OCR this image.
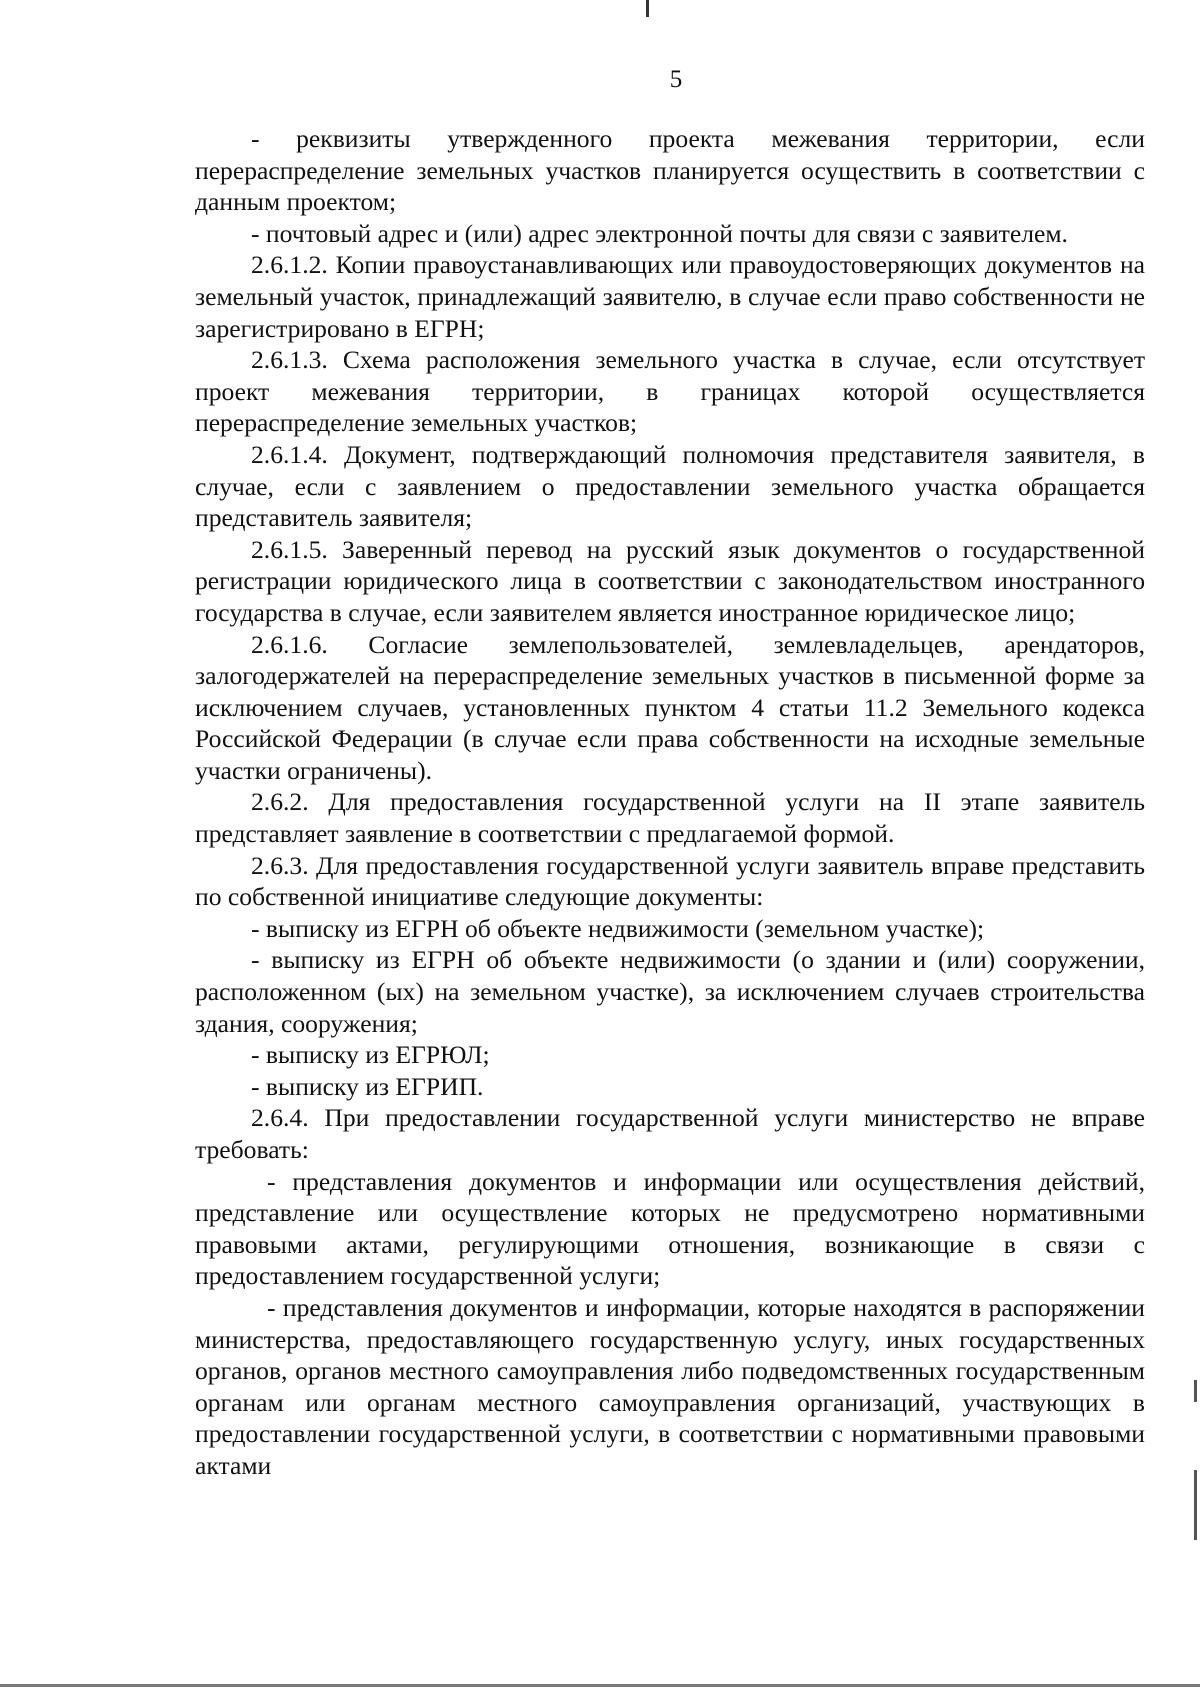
5

- реквизиты утвержденного проекта межевания территории, если перераспределение земельных участков планируется осуществить в соответствии с данным проектом;

- почтовый адрес и (или) адрес электронной почты для связи с заявителем.

2.6.1.2. Копии правоустанавливающих или правоудостоверяющих документов на земельный участок, принадлежащий заявителю, в случае если право собственности не зарегистрировано в ЕГРН;

2.6.1.3. Схема расположения земельного участка в случае, если отсутствует проект межевания территории, в границах которой осуществляется перераспределение земельных участков;

2.6.1.4. Документ, подтверждающий полномочия представителя заявителя, в случае, если с заявлением о предоставлении земельного участка обращается представитель заявителя;

2.6.1.5. Заверенный перевод на русский язык документов о государственной регистрации юридического лица в соответствии с законодательством иностранного государства в случае, если заявителем является иностранное юридическое лицо;

2.6.1.6. Согласие землепользователей, землевладельцев, арендаторов, залогодержателей на перераспределение земельных участков в письменной форме за исключением случаев, установленных пунктом 4 статьи 11.2 Земельного кодекса Российской Федерации (в случае если права собственности на исходные земельные участки ограничены).

2.6.2. Для предоставления государственной услуги на II этапе заявитель представляет заявление в соответствии с предлагаемой формой.

2.6.3. Для предоставления государственной услуги заявитель вправе представить по собственной инициативе следующие документы:

- выписку из ЕГРН об объекте недвижимости (земельном участке);

- выписку из ЕГРН об объекте недвижимости (о здании и (или) сооружении, расположенном (ых) на земельном участке), за исключением случаев строительства здания, сооружения;

- выписку из ЕГРЮЛ;

- выписку из ЕГРИП.

2.6.4. При предоставлении государственной услуги министерство не вправе требовать:

- представления документов и информации или осуществления действий, представление или осуществление которых не предусмотрено нормативными правовыми актами, регулирующими отношения, возникающие в связи с предоставлением государственной услуги;

- представления документов и информации, которые находятся в распоряжении министерства, предоставляющего государственную услугу, иных государственных органов, органов местного самоуправления либо подведомственных государственным органам или органам местного самоуправления организаций, участвующих в предоставлении государственной услуги, в соответствии с нормативными правовыми актами
